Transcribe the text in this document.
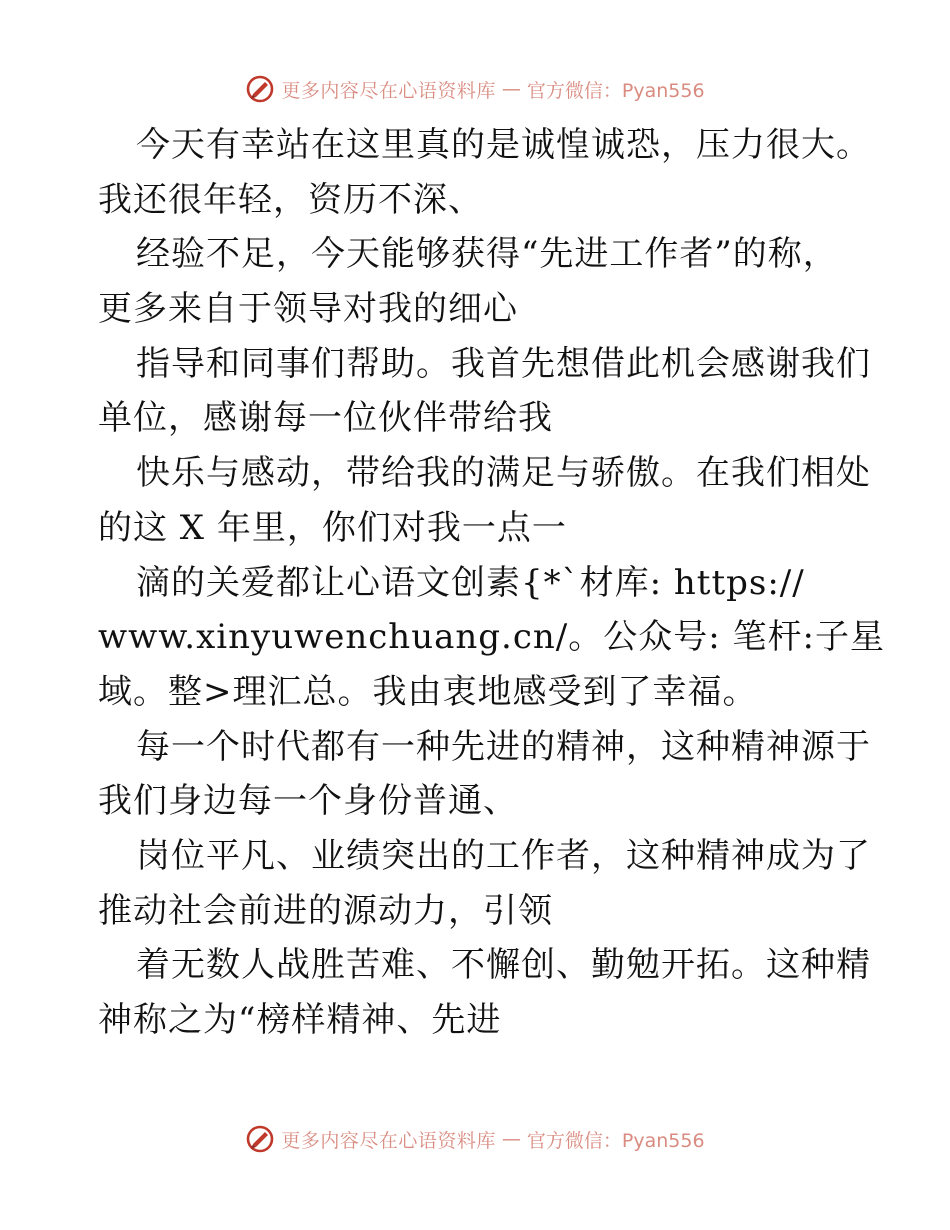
更多内容尽在心语资料库 — 官方微信：Pyan556
今天有幸站在这里真的是诚惶诚恐，压力很大。
我还很年轻，资历不深、
经验不足，今天能够获得“先进工作者”的称，
更多来自于领导对我的细心
指导和同事们帮助。我首先想借此机会感谢我们
单位，感谢每一位伙伴带给我
快乐与感动，带给我的满足与骄傲。在我们相处
的这 X 年里，你们对我一点一
滴的关爱都让心语文创素{*`材库: https://
www.xinyuwenchuang.cn/。公众号: 笔杆:子星
域。整>理汇总。我由衷地感受到了幸福。
每一个时代都有一种先进的精神，这种精神源于
我们身边每一个身份普通、
岗位平凡、业绩突出的工作者，这种精神成为了
推动社会前进的源动力，引领
着无数人战胜苦难、不懈创、勤勉开拓。这种精
神称之为“榜样精神、先进
更多内容尽在心语资料库 — 官方微信：Pyan556
